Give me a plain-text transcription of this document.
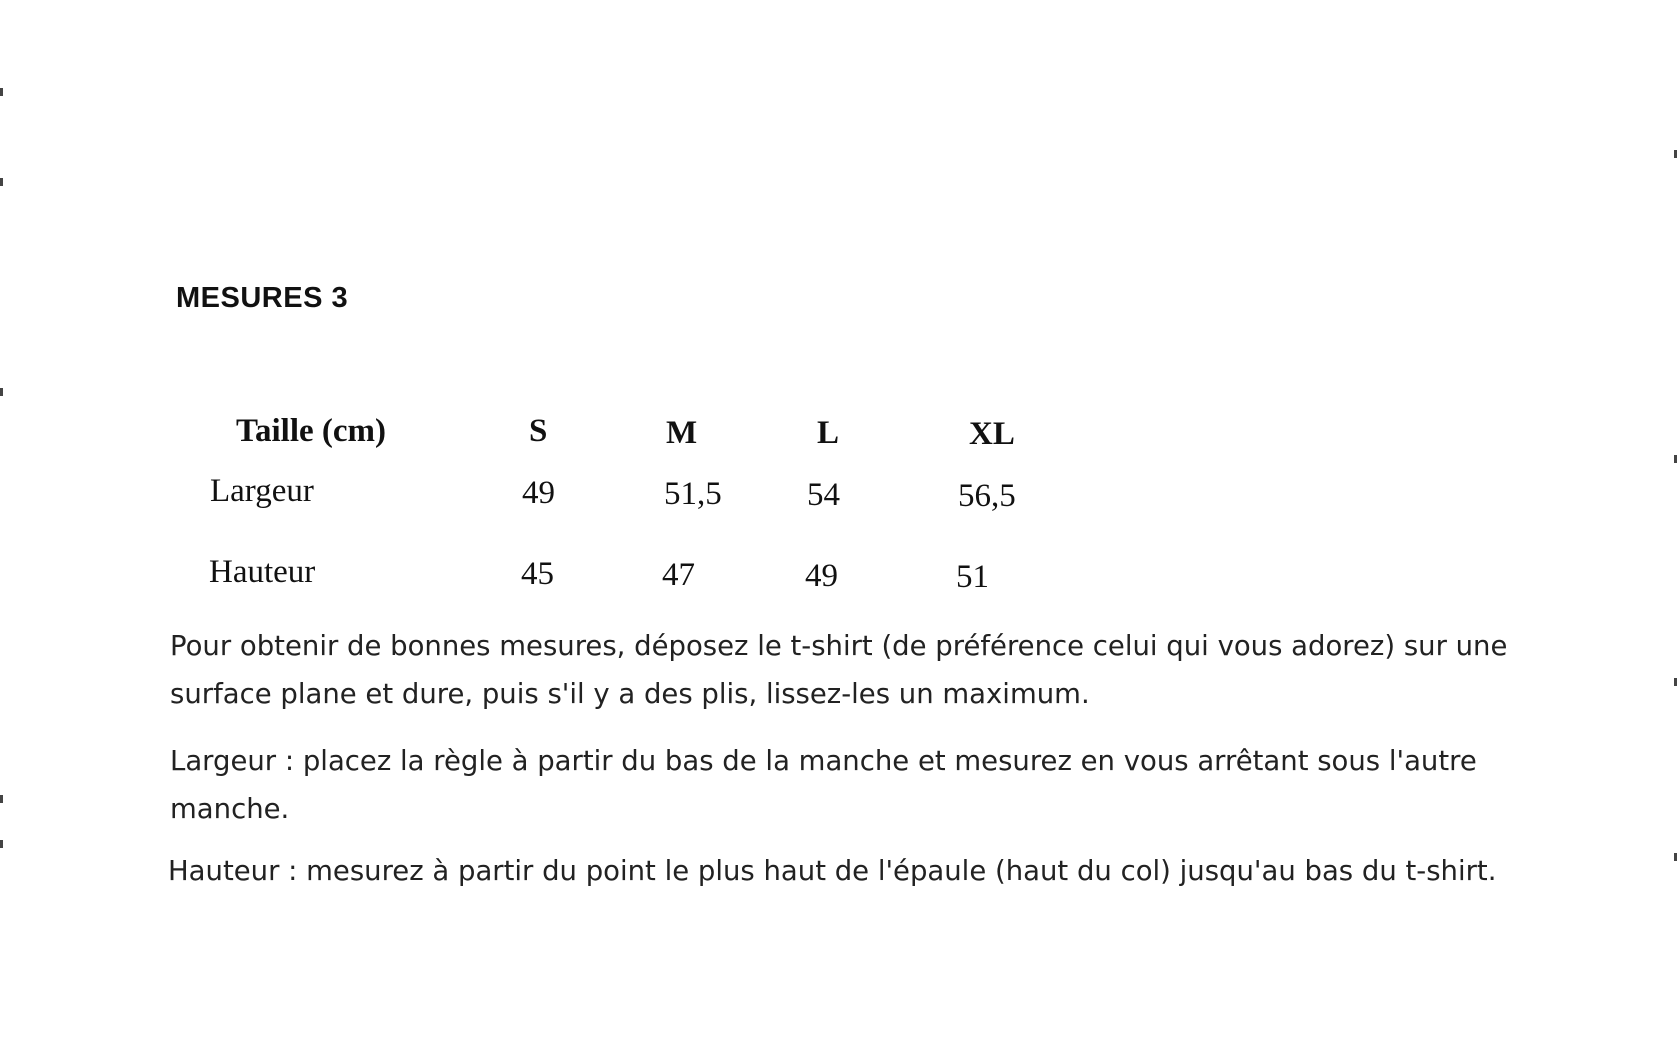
MESURES 3
Taille (cm)	S	M	L	XL
Largeur	49	51,5	54	56,5
Hauteur	45	47	49	51

Pour obtenir de bonnes mesures, déposez le t-shirt (de préférence celui qui vous adorez) sur une surface plane et dure, puis s'il y a des plis, lissez-les un maximum.

Largeur : placez la règle à partir du bas de la manche et mesurez en vous arrêtant sous l'autre manche.

Hauteur : mesurez à partir du point le plus haut de l'épaule (haut du col) jusqu'au bas du t-shirt.
